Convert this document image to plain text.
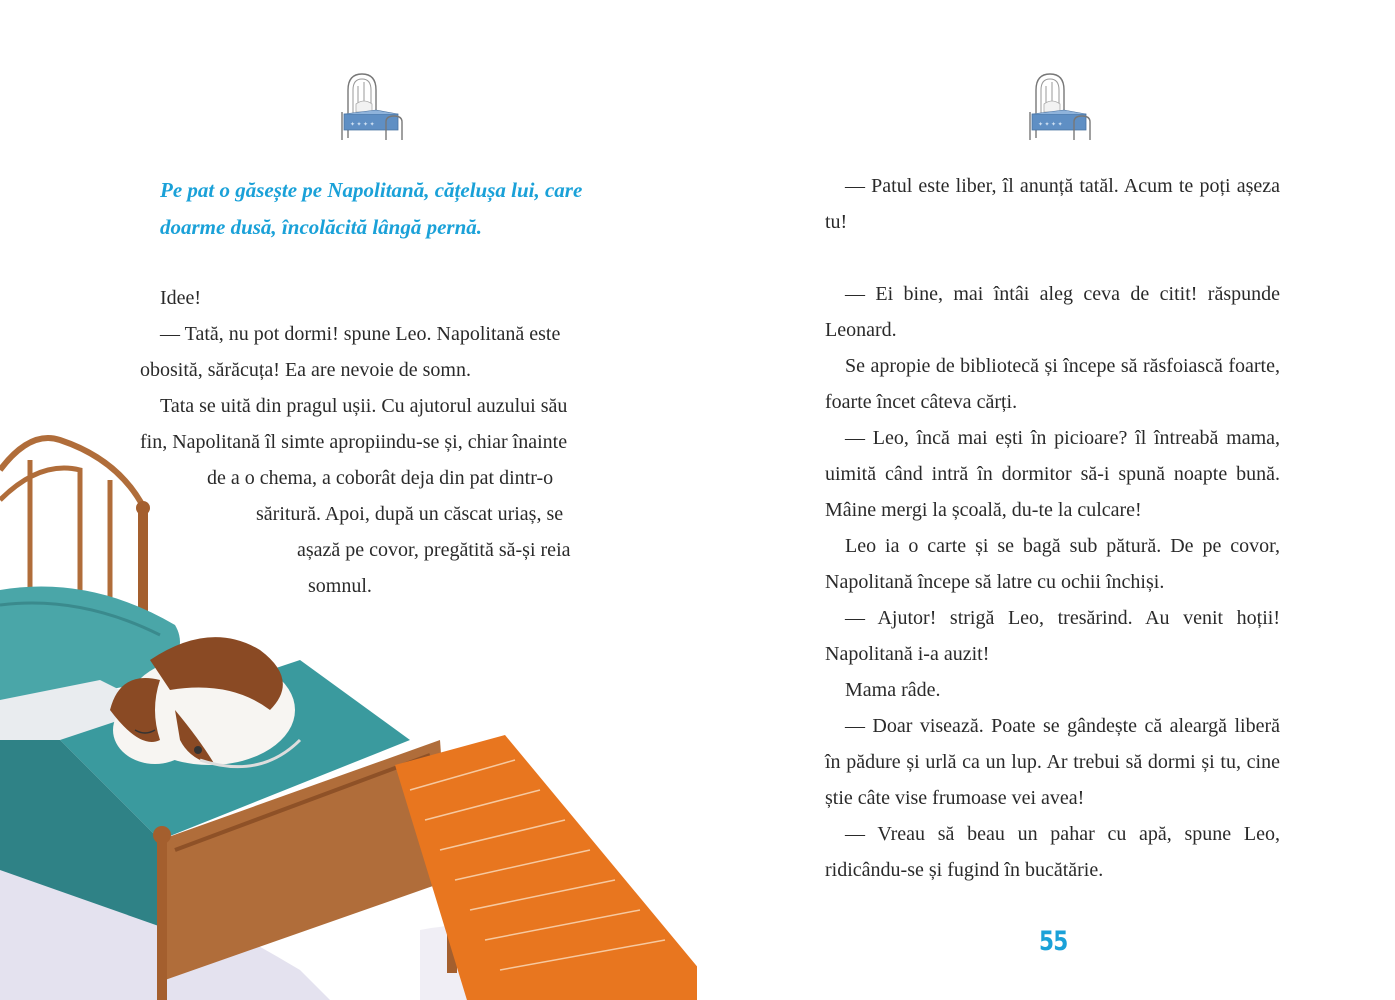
✦ ✦ ✦ ✦

Pe pat o găsește pe Napolitană, cățelușa lui, care doarme dusă, încolăcită lângă pernă.

Idee!
— Tată, nu pot dormi! spune Leo. Napolitană este
obosită, sărăcuța! Ea are nevoie de somn.
Tata se uită din pragul ușii. Cu ajutorul auzului său
fin, Napolitană îl simte apropiindu-se și, chiar înainte
de a o chema, a coborât deja din pat dintr-o
săritură. Apoi, după un căscat uriaș, se
așază pe covor, pregătită să-și reia
somnul.
✦ ✦ ✦ ✦

— Patul este liber, îl anunță tatăl. Acum te poți așeza tu!

— Ei bine, mai întâi aleg ceva de citit! răspunde Leonard.

Se apropie de bibliotecă și începe să răsfoiască foarte, foarte încet câteva cărți.

— Leo, încă mai ești în picioare? îl întreabă mama, uimită când intră în dormitor să-i spună noapte bună. Mâine mergi la școală, du-te la culcare!

Leo ia o carte și se bagă sub pătură. De pe covor, Napolitană începe să latre cu ochii închiși.

— Ajutor! strigă Leo, tresărind. Au venit hoții! Napolitană i-a auzit!

Mama râde.

— Doar visează. Poate se gândește că aleargă liberă în pădure și urlă ca un lup. Ar trebui să dormi și tu, cine știe câte vise frumoase vei avea!

— Vreau să beau un pahar cu apă, spune Leo, ridicându-se și fugind în bucătărie.

55
